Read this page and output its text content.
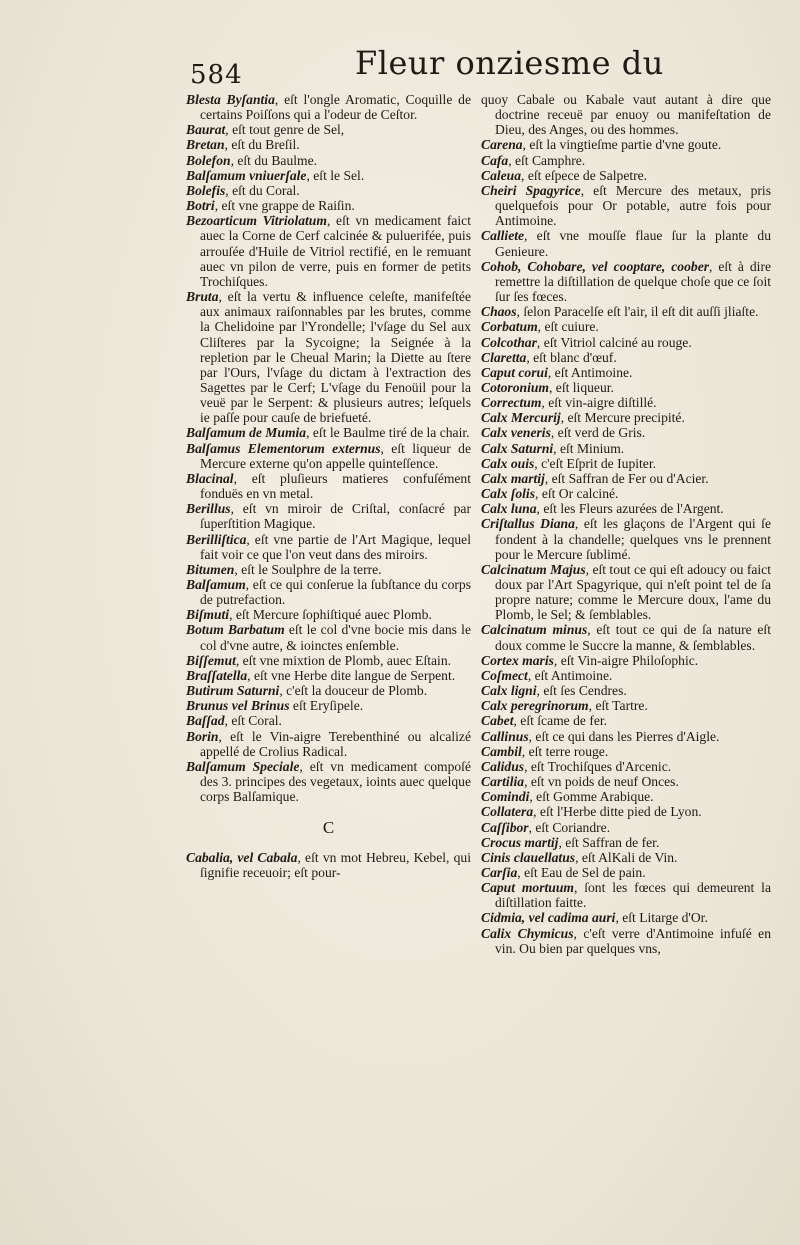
584	Fleur onziesme du

Blesta Byſantia, eſt l'ongle Aromatic, Coquille de certains Poiſſons qui a l'odeur de Ceſtor.

Baurat, eſt tout genre de Sel,

Bretan, eſt du Breſil.

Bolefon, eſt du Baulme.

Balſamum vniuerſale, eſt le Sel.

Bolefis, eſt du Coral.

Botri, eſt vne grappe de Raiſin.

Bezoarticum Vitriolatum, eſt vn medicament faict auec la Corne de Cerf calcinée & puluerifée, puis arrouſée d'Huile de Vitriol rectifié, en le remuant auec vn pilon de verre, puis en former de petits Trochiſques.

Bruta, eſt la vertu & influence celeſte, manifeſtée aux animaux raiſonnables par les brutes, comme la Chelidoine par l'Yrondelle; l'vſage du Sel aux Cliſteres par la Sycoigne; la Seignée à la repletion par le Cheual Marin; la Diette au ſtere par l'Ours, l'vſage du dictam à l'extraction des Sagettes par le Cerf; L'vſage du Fenoüil pour la veuë par le Serpent: & plusieurs autres; leſquels ie paſſe pour cauſe de briefueté.

Balſamum de Mumia, eſt le Baulme tiré de la chair.

Balſamus Elementorum externus, eſt liqueur de Mercure externe qu'on appelle quinteſſence.

Blacinal, eſt pluſieurs matieres confuſément fonduës en vn metal.

Berillus, eſt vn miroir de Criſtal, conſacré par ſuperſtition Magique.

Berilliſtica, eſt vne partie de l'Art Magique, lequel fait voir ce que l'on veut dans des miroirs.

Bitumen, eſt le Soulphre de la terre.

Balſamum, eſt ce qui conſerue la ſubſtance du corps de putrefaction.

Biſmuti, eſt Mercure ſophiſtiqué auec Plomb.

Botum Barbatum eſt le col d'vne bocie mis dans le col d'vne autre, & ioinctes enſemble.

Biſſemut, eſt vne mixtion de Plomb, auec Eſtain.

Braſſatella, eſt vne Herbe dite langue de Serpent.

Butirum Saturni, c'eſt la douceur de Plomb.

Brunus vel Brinus eſt Eryſipele.

Baſſad, eſt Coral.

Borin, eſt le Vin-aigre Terebenthiné ou alcalizé appellé de Crolius Radical.

Balſamum Speciale, eſt vn medicament compoſé des 3. principes des vegetaux, ioints auec quelque corps Balſamique.

C

Cabalia, vel Cabala, eſt vn mot Hebreu, Kebel, qui ſignifie receuoir; eſt pour-

quoy Cabale ou Kabale vaut autant à dire que doctrine receuë par enuoy ou manifeſtation de Dieu, des Anges, ou des hommes.

Carena, eſt la vingtieſme partie d'vne goute.

Cafa, eſt Camphre.

Caleua, eſt eſpece de Salpetre.

Cheiri Spagyrice, eſt Mercure des metaux, pris quelquefois pour Or potable, autre fois pour Antimoine.

Calliete, eſt vne mouſſe flaue ſur la plante du Genieure.

Cohob, Cohobare, vel cooptare, coober, eſt à dire remettre la diſtillation de quelque choſe que ce ſoit ſur ſes fœces.

Chaos, ſelon Paracelſe eſt l'air, il eſt dit auſſi jliaſte.

Corbatum, eſt cuiure.

Colcothar, eſt Vitriol calciné au rouge.

Claretta, eſt blanc d'œuf.

Caput corui, eſt Antimoine.

Cotoronium, eſt liqueur.

Correctum, eſt vin-aigre diſtillé.

Calx Mercurij, eſt Mercure precipité.

Calx veneris, eſt verd de Gris.

Calx Saturni, eſt Minium.

Calx ouis, c'eſt Eſprit de Iupiter.

Calx martij, eſt Saffran de Fer ou d'Acier.

Calx ſolis, eſt Or calciné.

Calx luna, eſt les Fleurs azurées de l'Argent.

Criſtallus Diana, eſt les glaçons de l'Argent qui ſe fondent à la chandelle; quelques vns le prennent pour le Mercure ſublimé.

Calcinatum Majus, eſt tout ce qui eſt adoucy ou faict doux par l'Art Spagyrique, qui n'eſt point tel de ſa propre nature; comme le Mercure doux, l'ame du Plomb, le Sel; & ſemblables.

Calcinatum minus, eſt tout ce qui de ſa nature eſt doux comme le Succre la manne, & ſemblables.

Cortex maris, eſt Vin-aigre Philoſophic.

Coſmect, eſt Antimoine.

Calx ligni, eſt ſes Cendres.

Calx peregrinorum, eſt Tartre.

Cabet, eſt ſcame de fer.

Callinus, eſt ce qui dans les Pierres d'Aigle.

Cambil, eſt terre rouge.

Calidus, eſt Trochiſques d'Arcenic.

Cartilia, eſt vn poids de neuf Onces.

Comindi, eſt Gomme Arabique.

Collatera, eſt l'Herbe ditte pied de Lyon.

Caſſibor, eſt Coriandre.

Crocus martij, eſt Saffran de fer.

Cinis clauellatus, eſt AlKali de Vin.

Carſia, eſt Eau de Sel de pain.

Caput mortuum, ſont les fœces qui demeurent la diſtillation faitte.

Cidmia, vel cadima auri, eſt Litarge d'Or.

Calix Chymicus, c'eſt verre d'Antimoine infuſé en vin. Ou bien par quelques vns,
